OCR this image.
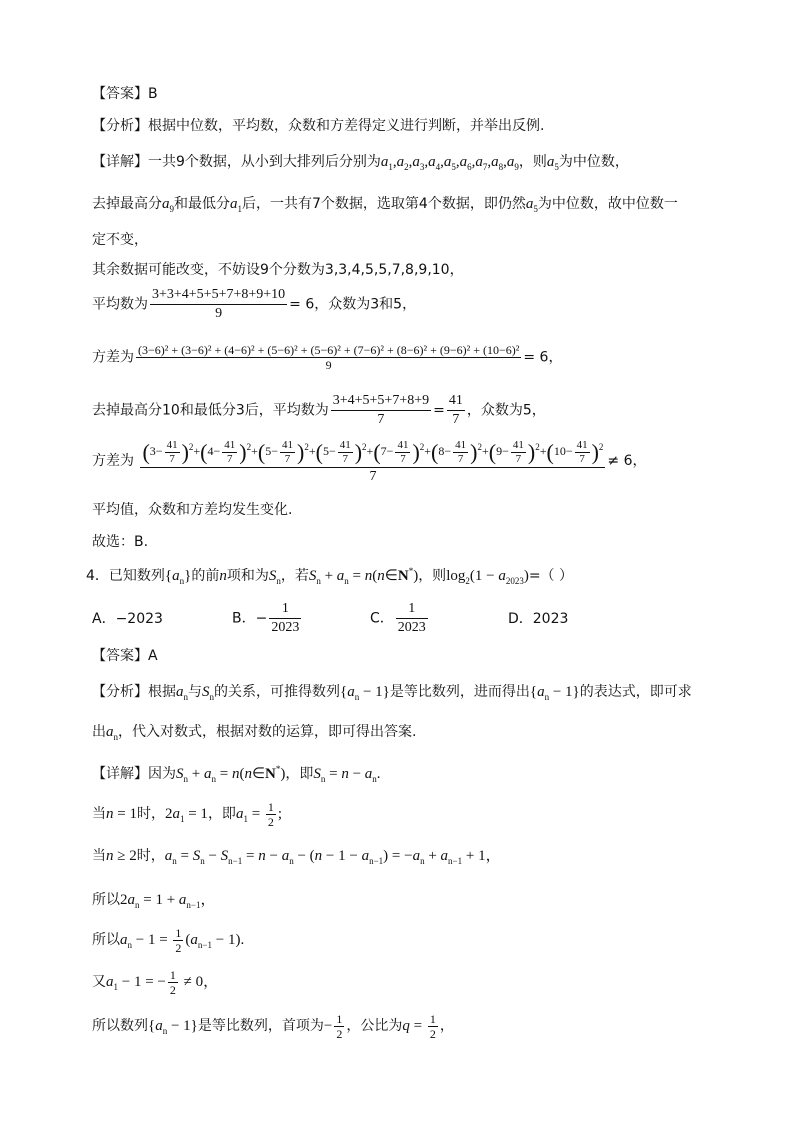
【答案】B
【分析】根据中位数，平均数，众数和方差得定义进行判断，并举出反例.
【详解】一共9个数据，从小到大排列后分别为$a_1,a_2,a_3,a_4,a_5,a_6,a_7,a_8,a_9$，则$a_5$为中位数，
去掉最高分$a_9$和最低分$a_1$后，一共有7个数据，选取第4个数据，即仍然$a_5$为中位数，故中位数一
定不变，
其余数据可能改变，不妨设9个分数为3,3,4,5,5,7,8,9,10，
平均数为 $\frac{3+3+4+5+5+7+8+9+10}{9} = 6$，众数为3和5，
方差为 (3−6)² + (3−6)² + (4−6)² + (5−6)² + (5−6)² + (7−6)² + (8−6)² + (9−6)² + (10−6)²
9	= 6，
去掉最高分10和最低分3后，平均数为 $\frac{3+4+5+5+7+8+9}{7} = \frac{41}{7}$ ，众数为5，
方差为 $(3- \frac{41}{7} )^2+(4- \frac{41}{7} )^2+(5- \frac{41}{7} )^2+(5- \frac{41}{7} )^2+(7- \frac{41}{7} )^2+(8- \frac{41}{7} )^2+(9- \frac{41}{7} )^2+(10- \frac{41}{7} )^2$
7
≠ 6，
平均值，众数和方差均发生变化.
故选：B.
4．已知数列$\{a_n\}$的前n项和为$S_n$，若$S_n + a_n$ = n(n∈N*)，则$\log_2(1 - a_{2023})=$（ ）
A．−2023	B．− $\frac{1}{2023}$	C． $\frac{1}{2023}$	D．2023
【答案】A
【分析】根据$a_n$与$S_n$的关系，可推得数列$\{a_n - 1\}$是等比数列，进而得出$\{a_n - 1\}$的表达式，即可求
出$a_n$，代入对数式，根据对数的运算，即可得出答案.
【详解】因为$S_n + a_n$ = n(n∈N*)，即$S_n = n - a_n$.
当n = 1时，$2a_1 = 1$，即$a_1 = \frac{1}{2}$ ;
当n ≥ 2时，$a_n = S_n - S_{n-1} = n - a_n - (n - 1 - a_{n-1}) = -a_n + a_{n-1} + 1$，
所以$2a_n = 1 + a_{n-1}$，
所以$a_n - 1 = \frac{1}{2} (a_{n-1} - 1)$.
又$a_1 - 1$ = − $\frac{1}{2} \ne 0$，
所以数列$\{a_n - 1\}$是等比数列，首项为− $\frac{1}{2}$ ，公比为$q = \frac{1}{2}$ ，
